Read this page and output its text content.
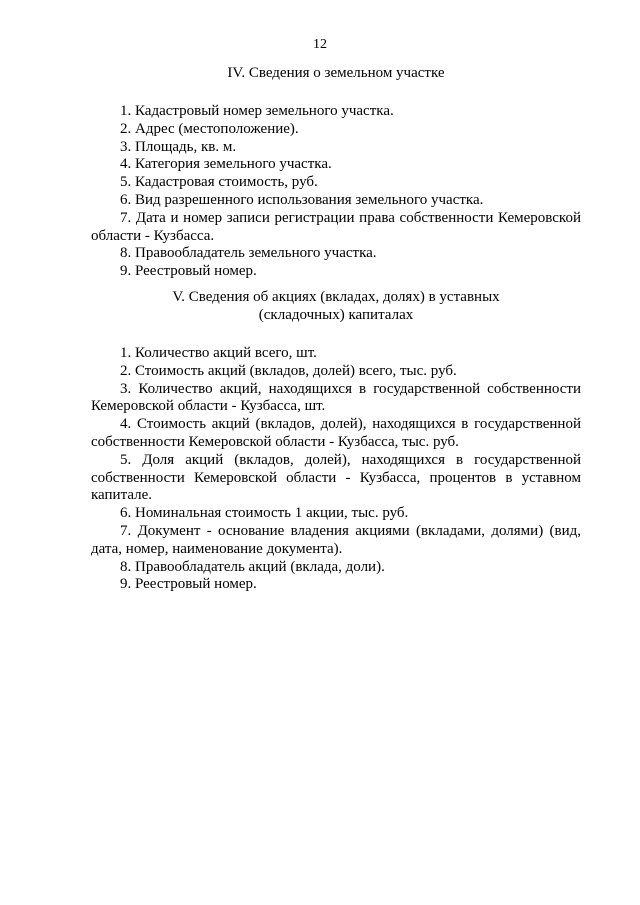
12
IV. Сведения о земельном участке
1. Кадастровый номер земельного участка.
2. Адрес (местоположение).
3. Площадь, кв. м.
4. Категория земельного участка.
5. Кадастровая стоимость, руб.
6. Вид разрешенного использования земельного участка.
7. Дата и номер записи регистрации права собственности Кемеровской области - Кузбасса.
8. Правообладатель земельного участка.
9. Реестровый номер.
V. Сведения об акциях (вкладах, долях) в уставных
(складочных) капиталах
1. Количество акций всего, шт.
2. Стоимость акций (вкладов, долей) всего, тыс. руб.
3. Количество акций, находящихся в государственной собственности Кемеровской области - Кузбасса, шт.
4. Стоимость акций (вкладов, долей), находящихся в государственной собственности Кемеровской области - Кузбасса, тыс. руб.
5. Доля акций (вкладов, долей), находящихся в государственной собственности Кемеровской области - Кузбасса, процентов в уставном капитале.
6. Номинальная стоимость 1 акции, тыс. руб.
7. Документ - основание владения акциями (вкладами, долями) (вид, дата, номер, наименование документа).
8. Правообладатель акций (вклада, доли).
9. Реестровый номер.
